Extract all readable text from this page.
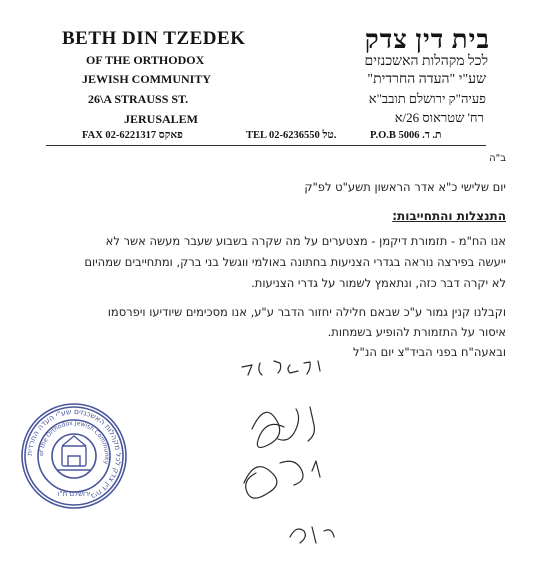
BETH DIN TZEDEK
OF THE ORTHODOX
JEWISH COMMUNITY
26\A STRAUSS ST.
JERUSALEM
בית דין צדק
לכל מקהלות האשכנזים
שע"י "העדה החרדית"
פעיה"ק ירושלם תובב"א
רח' שטראוס 26/א
FAX 02-6221317 פאקס	TEL 02-6236550 טל.	P.O.B 5006 .ת. ד
ב"ה
יום שלישי כ"א אדר הראשון תשע"ט לפ"ק
התנצלות והתחייבות:
אנו הח"מ - תזמורת דיקמן - מצטערים על מה שקרה בשבוע שעבר מעשה אשר לא
ייעשה בפירצה נוראה בגדרי הצניעות בחתונה באולמי ווגשל בני ברק, ומתחייבים שמהיום
לא יקרה דבר כזה, ונתאמץ לשמור על גדרי הצניעות.
וקבלנו קנין גמור ע"כ שבאם חלילה יחזור הדבר ע"ע, אנו מסכימים שיודיעו ויפרסמו
איסור על התזמורת להופיע בשמחות.
ובאעה"ח בפני הביד"צ יום הנ"ל
בית דין צדק לכל מקהלות האשכנזים שע"י העדה החרדית
of the Orthodox Jewish Community
ירושלם ת"ו
